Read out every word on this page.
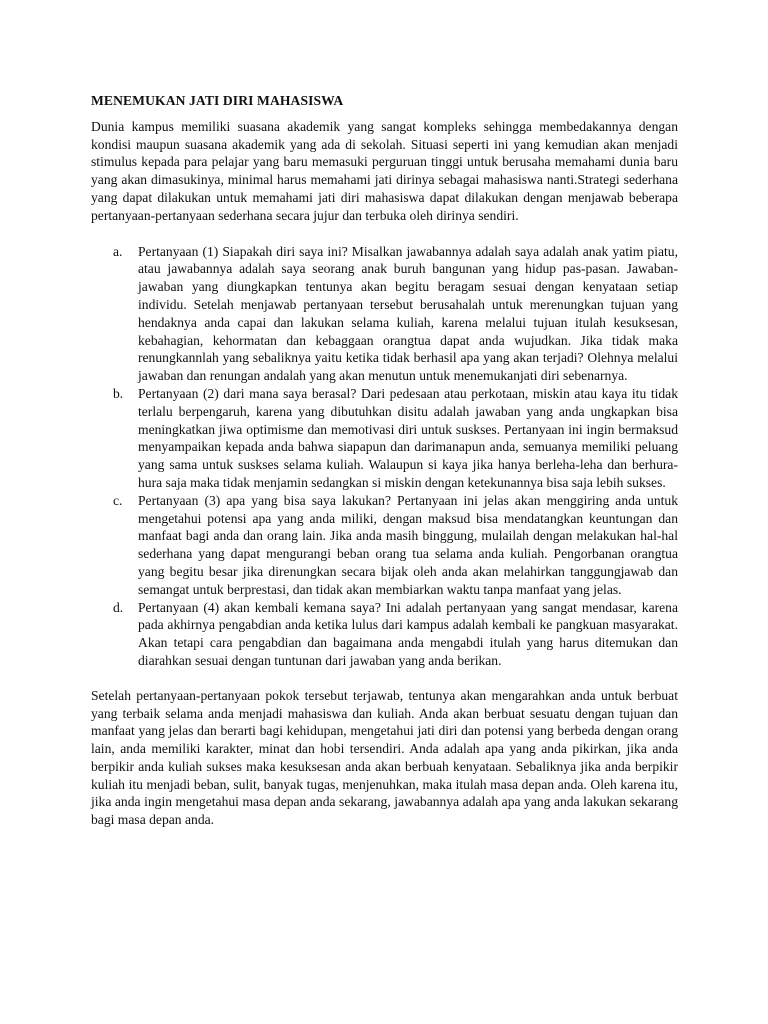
MENEMUKAN JATI DIRI MAHASISWA

Dunia kampus memiliki suasana akademik yang sangat kompleks sehingga membedakannya dengan kondisi maupun suasana akademik yang ada di sekolah. Situasi seperti ini yang kemudian akan menjadi stimulus kepada para pelajar yang baru memasuki perguruan tinggi untuk berusaha memahami dunia baru yang akan dimasukinya, minimal harus memahami jati dirinya sebagai mahasiswa nanti.Strategi sederhana yang dapat dilakukan untuk memahami jati diri mahasiswa dapat dilakukan dengan menjawab beberapa pertanyaan-pertanyaan sederhana secara jujur dan terbuka oleh dirinya sendiri.

a.	Pertanyaan (1) Siapakah diri saya ini? Misalkan jawabannya adalah saya adalah anak yatim piatu, atau jawabannya adalah saya seorang anak buruh bangunan yang hidup pas-pasan. Jawaban-jawaban yang diungkapkan tentunya akan begitu beragam sesuai dengan kenyataan setiap individu. Setelah menjawab pertanyaan tersebut berusahalah untuk merenungkan tujuan yang hendaknya anda capai dan lakukan selama kuliah, karena melalui tujuan itulah kesuksesan, kebahagian, kehormatan dan kebaggaan orangtua dapat anda wujudkan. Jika tidak maka renungkannlah yang sebaliknya yaitu ketika tidak berhasil apa yang akan terjadi? Olehnya melalui jawaban dan renungan andalah yang akan menutun untuk menemukanjati diri sebenarnya.
b.	Pertanyaan (2) dari mana saya berasal? Dari pedesaan atau perkotaan, miskin atau kaya itu tidak terlalu berpengaruh, karena yang dibutuhkan disitu adalah jawaban yang anda ungkapkan bisa meningkatkan jiwa optimisme dan memotivasi diri untuk suskses. Pertanyaan ini ingin bermaksud menyampaikan kepada anda bahwa siapapun dan darimanapun anda, semuanya memiliki peluang yang sama untuk suskses selama kuliah. Walaupun si kaya jika hanya berleha-leha dan berhura-hura saja maka tidak menjamin sedangkan si miskin dengan ketekunannya bisa saja lebih sukses.
c.	Pertanyaan (3) apa yang bisa saya lakukan? Pertanyaan ini jelas akan menggiring anda untuk mengetahui potensi apa yang anda miliki, dengan maksud bisa mendatangkan keuntungan dan manfaat bagi anda dan orang lain. Jika anda masih binggung, mulailah dengan melakukan hal-hal sederhana yang dapat mengurangi beban orang tua selama anda kuliah. Pengorbanan orangtua yang begitu besar jika direnungkan secara bijak oleh anda akan melahirkan tanggungjawab dan semangat untuk berprestasi, dan tidak akan membiarkan waktu tanpa manfaat yang jelas.
d.	Pertanyaan (4) akan kembali kemana saya? Ini adalah pertanyaan yang sangat mendasar, karena pada akhirnya pengabdian anda ketika lulus dari kampus adalah kembali ke pangkuan masyarakat. Akan tetapi cara pengabdian dan bagaimana anda mengabdi itulah yang harus ditemukan dan diarahkan sesuai dengan tuntunan dari jawaban yang anda berikan.

Setelah pertanyaan-pertanyaan pokok tersebut terjawab, tentunya akan mengarahkan anda untuk berbuat yang terbaik selama anda menjadi mahasiswa dan kuliah. Anda akan berbuat sesuatu dengan tujuan dan manfaat yang jelas dan berarti bagi kehidupan, mengetahui jati diri dan potensi yang berbeda dengan orang lain, anda memiliki karakter, minat dan hobi tersendiri. Anda adalah apa yang anda pikirkan, jika anda berpikir anda kuliah sukses maka kesuksesan anda akan berbuah kenyataan. Sebaliknya jika anda berpikir kuliah itu menjadi beban, sulit, banyak tugas, menjenuhkan, maka itulah masa depan anda. Oleh karena itu, jika anda ingin mengetahui masa depan anda sekarang, jawabannya adalah apa yang anda lakukan sekarang bagi masa depan anda.
